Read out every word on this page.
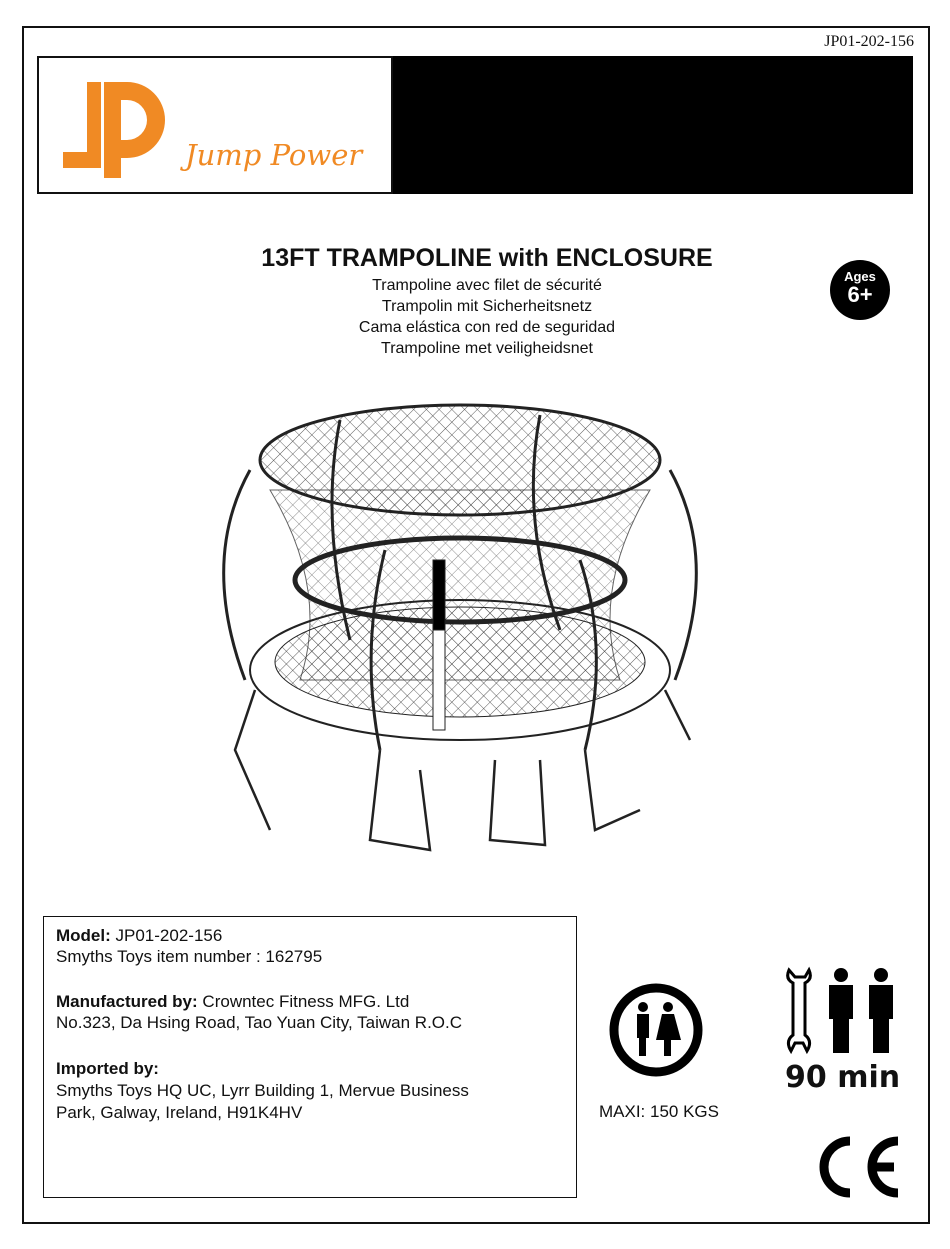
JP01-202-156
Jump Power
13FT TRAMPOLINE with ENCLOSURE
Trampoline avec filet de sécurité
Trampolin mit Sicherheitsnetz
Cama elástica con red de seguridad
Trampoline met veiligheidsnet
Ages
6+

Model: JP01-202-156

Smyths Toys item number : 162795

Manufactured by: Crowntec Fitness MFG. Ltd

No.323, Da Hsing Road, Tao Yuan City, Taiwan R.O.C

Imported by:

Smyths Toys HQ UC, Lyrr Building 1, Mervue Business

Park, Galway, Ireland, H91K4HV	MAXI: 150 KGS
90 min
